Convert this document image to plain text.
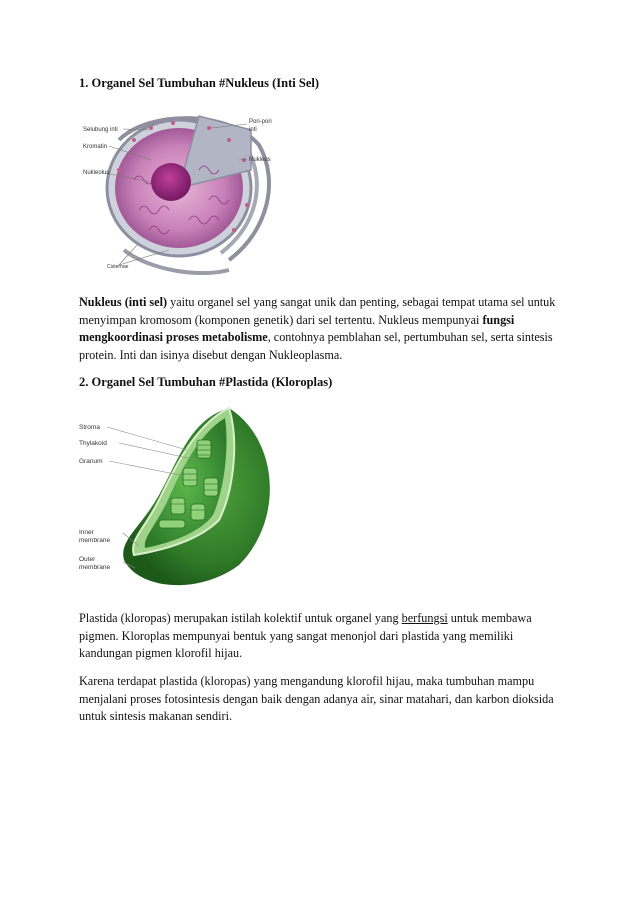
1. Organel Sel Tumbuhan #Nukleus (Inti Sel)
Selubung inti
Kromatin
Nukleolus
Pori-pori
inti
Nukleus
Cisternae

Nukleus (inti sel) yaitu organel sel yang sangat unik dan penting, sebagai tempat utama sel untuk menyimpan kromosom (komponen genetik) dari sel tertentu. Nukleus mempunyai fungsi mengkoordinasi proses metabolisme, contohnya pemblahan sel, pertumbuhan sel, serta sintesis protein. Inti dan isinya disebut dengan Nukleoplasma.

2. Organel Sel Tumbuhan #Plastida (Kloroplas)
Stroma
Thylakoid
Granum
Inner
membrane
Outer
membrane

Plastida (kloropas) merupakan istilah kolektif untuk organel yang berfungsi untuk membawa pigmen. Kloroplas mempunyai bentuk yang sangat menonjol dari plastida yang memiliki kandungan pigmen klorofil hijau.

Karena terdapat plastida (kloropas) yang mengandung klorofil hijau, maka tumbuhan mampu menjalani proses fotosintesis dengan baik dengan adanya air, sinar matahari, dan karbon dioksida untuk sintesis makanan sendiri.
